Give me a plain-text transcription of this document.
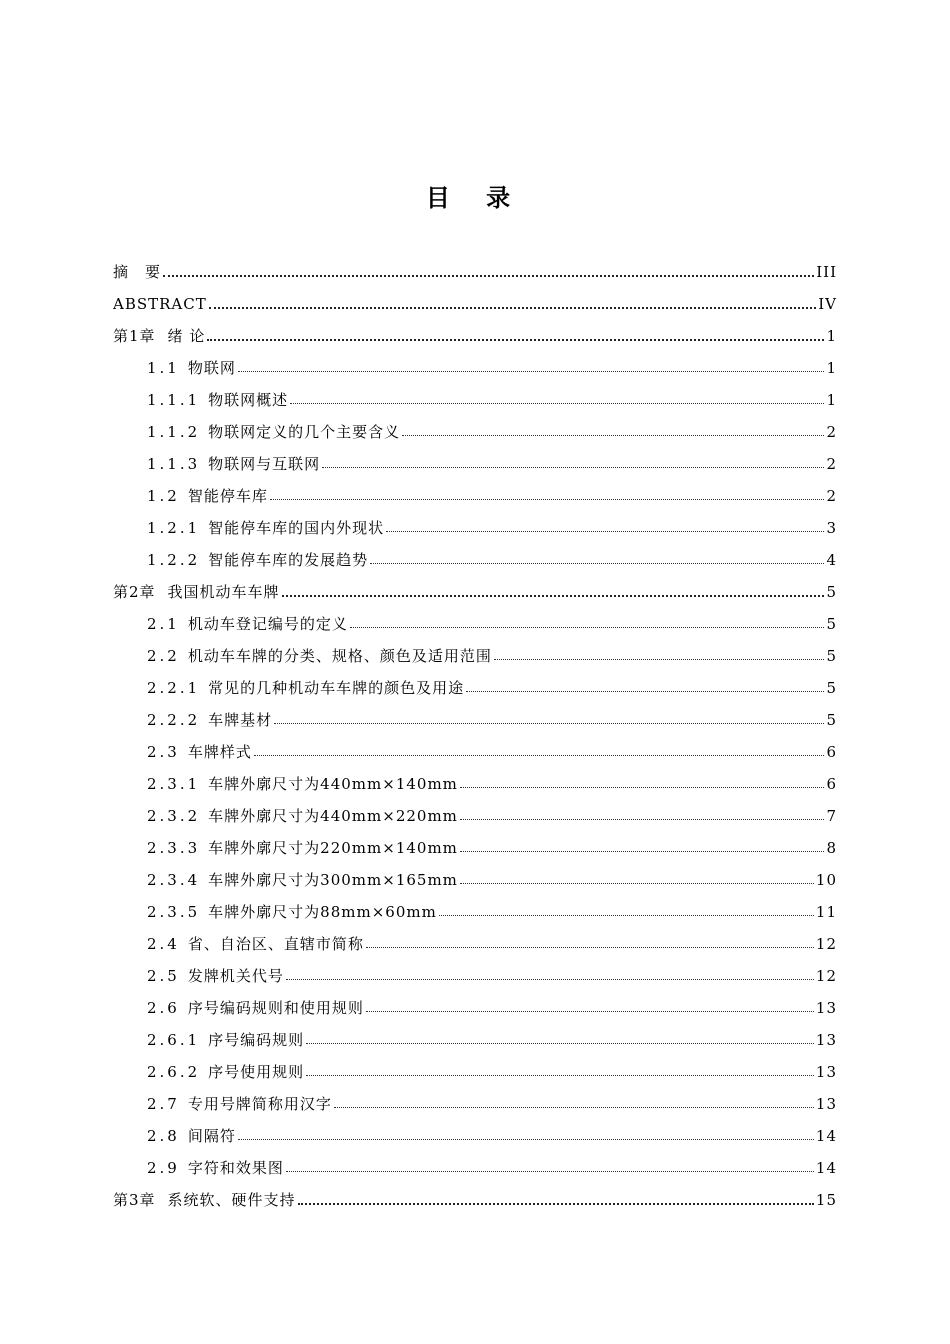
目 录
摘　要	III
ABSTRACT	IV
第1章 绪 论	1
1.1 物联网	1
1.1.1 物联网概述	1
1.1.2 物联网定义的几个主要含义	2
1.1.3 物联网与互联网	2
1.2 智能停车库	2
1.2.1 智能停车库的国内外现状	3
1.2.2 智能停车库的发展趋势	4
第2章 我国机动车车牌	5
2.1 机动车登记编号的定义	5
2.2 机动车车牌的分类、规格、颜色及适用范围	5
2.2.1 常见的几种机动车车牌的颜色及用途	5
2.2.2 车牌基材	5
2.3 车牌样式	6
2.3.1 车牌外廓尺寸为440mm×140mm	6
2.3.2 车牌外廓尺寸为440mm×220mm	7
2.3.3 车牌外廓尺寸为220mm×140mm	8
2.3.4 车牌外廓尺寸为300mm×165mm	10
2.3.5 车牌外廓尺寸为88mm×60mm	11
2.4 省、自治区、直辖市简称	12
2.5 发牌机关代号	12
2.6 序号编码规则和使用规则	13
2.6.1 序号编码规则	13
2.6.2 序号使用规则	13
2.7 专用号牌简称用汉字	13
2.8 间隔符	14
2.9 字符和效果图	14
第3章 系统软、硬件支持	15
